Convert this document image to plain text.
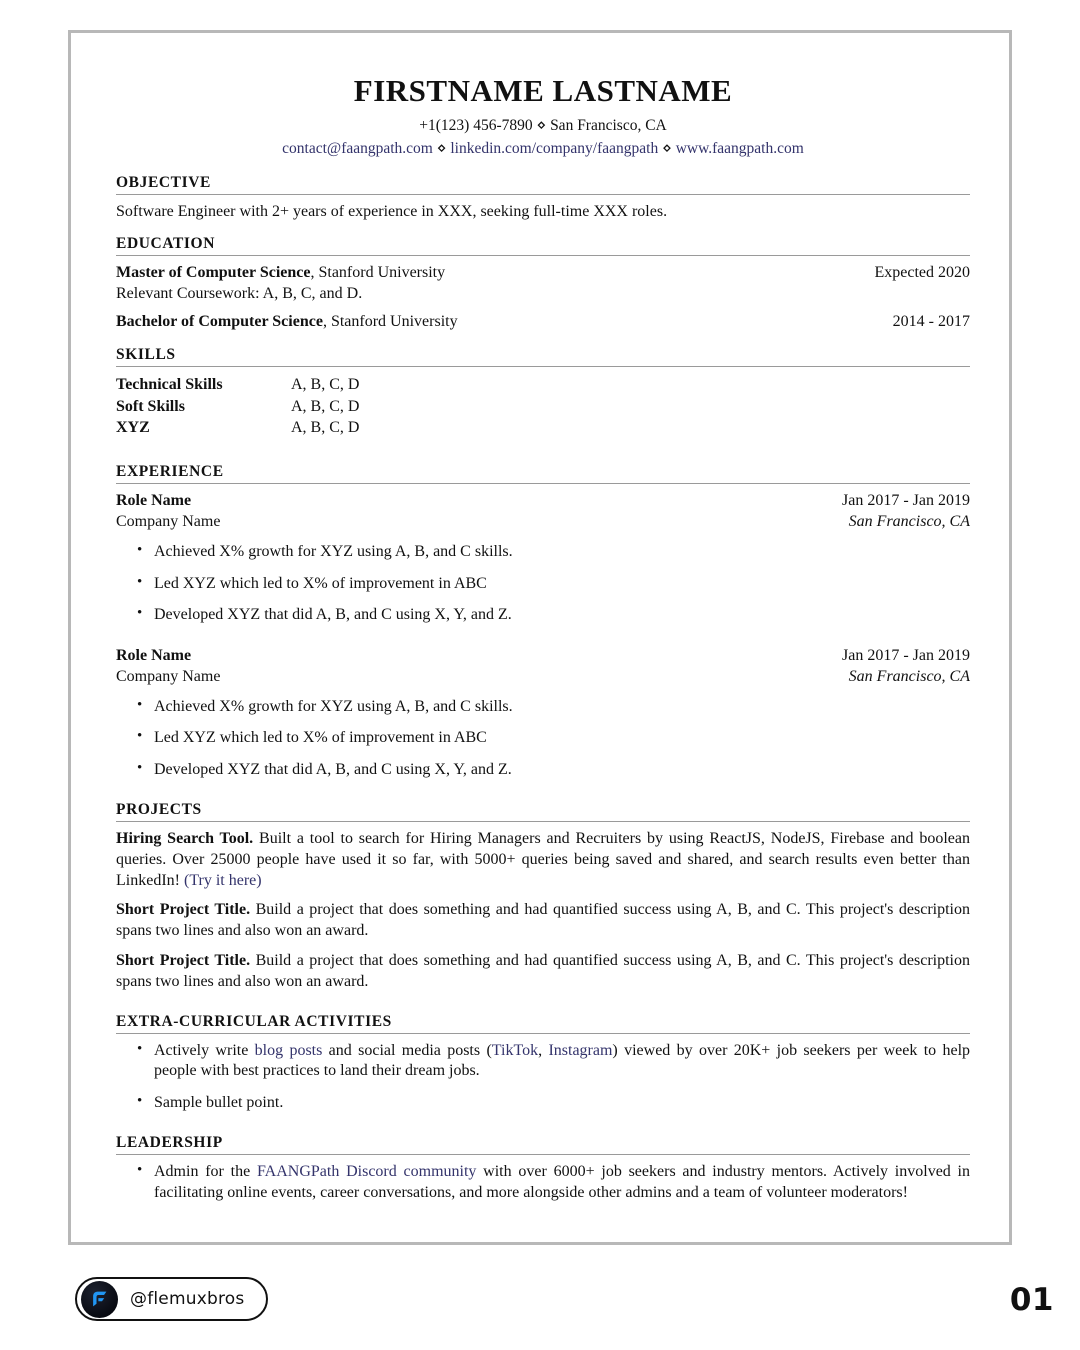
FIRSTNAME LASTNAME
+1(123) 456-7890 ⋄ San Francisco, CA
contact@faangpath.com ⋄ linkedin.com/company/faangpath ⋄ www.faangpath.com
OBJECTIVE
Software Engineer with 2+ years of experience in XXX, seeking full-time XXX roles.
EDUCATION
Master of Computer Science, Stanford University	Expected 2020
Relevant Coursework: A, B, C, and D.
Bachelor of Computer Science, Stanford University	2014 - 2017
SKILLS
Technical Skills	A, B, C, D
Soft Skills	A, B, C, D
XYZ	A, B, C, D
EXPERIENCE
Role Name	Jan 2017 - Jan 2019
Company Name	San Francisco, CA
• Achieved X% growth for XYZ using A, B, and C skills.
• Led XYZ which led to X% of improvement in ABC
• Developed XYZ that did A, B, and C using X, Y, and Z.
Role Name	Jan 2017 - Jan 2019
Company Name	San Francisco, CA
• Achieved X% growth for XYZ using A, B, and C skills.
• Led XYZ which led to X% of improvement in ABC
• Developed XYZ that did A, B, and C using X, Y, and Z.
PROJECTS
Hiring Search Tool. Built a tool to search for Hiring Managers and Recruiters by using ReactJS, NodeJS, Firebase and boolean queries. Over 25000 people have used it so far, with 5000+ queries being saved and shared, and search results even better than LinkedIn! (Try it here)
Short Project Title. Build a project that does something and had quantified success using A, B, and C. This project's description spans two lines and also won an award.
Short Project Title. Build a project that does something and had quantified success using A, B, and C. This project's description spans two lines and also won an award.
EXTRA-CURRICULAR ACTIVITIES
• Actively write blog posts and social media posts (TikTok, Instagram) viewed by over 20K+ job seekers per week to help people with best practices to land their dream jobs.
• Sample bullet point.
LEADERSHIP
• Admin for the FAANGPath Discord community with over 6000+ job seekers and industry mentors. Actively involved in facilitating online events, career conversations, and more alongside other admins and a team of volunteer moderators!
@flemuxbros	01
